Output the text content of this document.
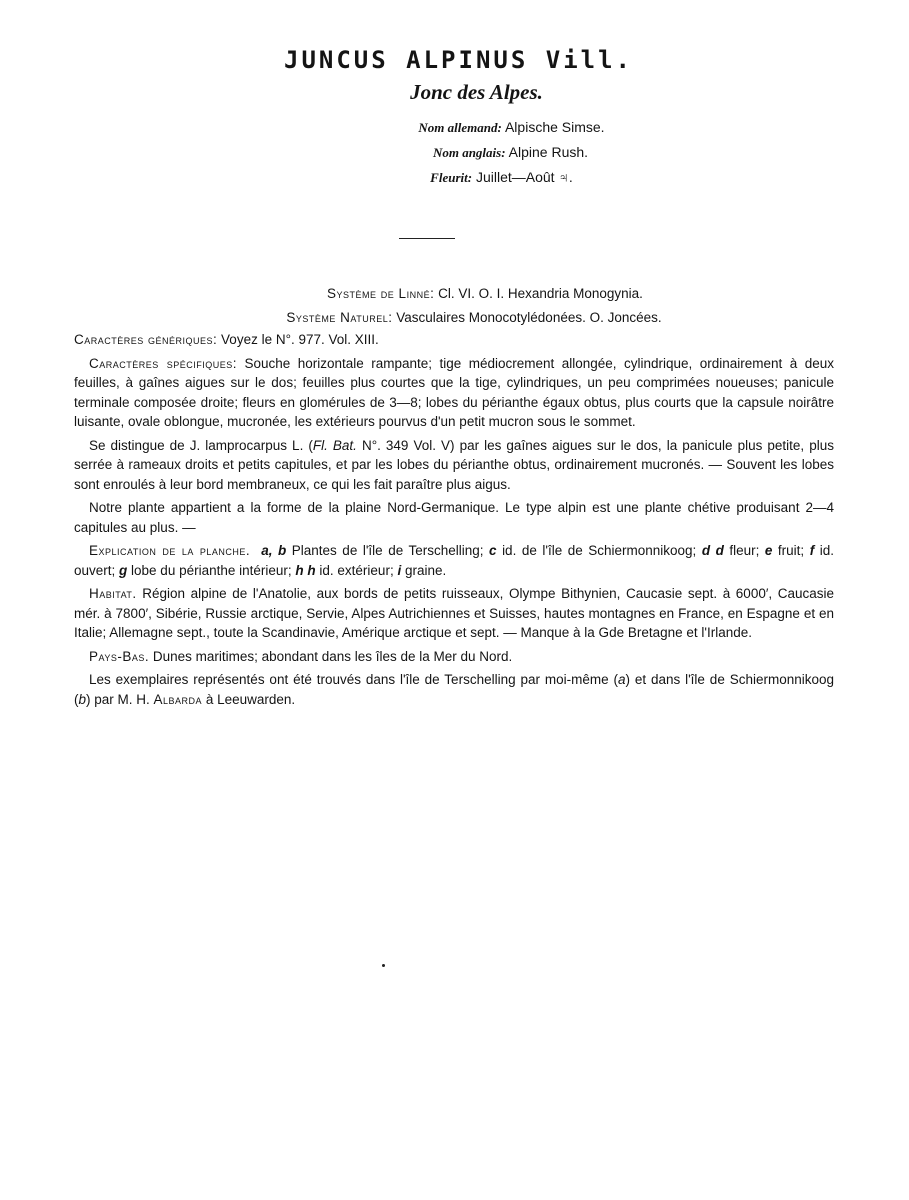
JUNCUS ALPINUS Vill.
Jonc des Alpes.
Nom allemand: Alpische Simse.
Nom anglais: Alpine Rush.
Fleurit: Juillet—Août ♃.

Système de Linné: Cl. VI. O. I. Hexandria Monogynia.

Système Naturel: Vasculaires Monocotylédonées. O. Joncées.

Caractères génériques: Voyez le N°. 977. Vol. XIII.

Caractères spécifiques: Souche horizontale rampante; tige médiocrement allongée, cylindrique, ordinairement à deux feuilles, à gaînes aigues sur le dos; feuilles plus courtes que la tige, cylindriques, un peu comprimées noueuses; panicule terminale composée droite; fleurs en glomérules de 3—8; lobes du périanthe égaux obtus, plus courts que la capsule noirâtre luisante, ovale oblongue, mucronée, les extérieurs pourvus d'un petit mucron sous le sommet.

Se distingue de J. lamprocarpus L. (Fl. Bat. N°. 349 Vol. V) par les gaînes aigues sur le dos, la panicule plus petite, plus serrée à rameaux droits et petits capitules, et par les lobes du périanthe obtus, ordinairement mucronés. — Souvent les lobes sont enroulés à leur bord membraneux, ce qui les fait paraître plus aigus.

Notre plante appartient a la forme de la plaine Nord-Germanique. Le type alpin est une plante chétive produisant 2—4 capitules au plus. —

Explication de la planche. a, b Plantes de l'île de Terschelling; c id. de l'île de Schiermonnikoog; d d fleur; e fruit; f id. ouvert; g lobe du périanthe intérieur; h h id. extérieur; i graine.

Habitat. Région alpine de l'Anatolie, aux bords de petits ruisseaux, Olympe Bithynien, Caucasie sept. à 6000′, Caucasie mér. à 7800′, Sibérie, Russie arctique, Servie, Alpes Autrichiennes et Suisses, hautes montagnes en France, en Espagne et en Italie; Allemagne sept., toute la Scandinavie, Amérique arctique et sept. — Manque à la Gde Bretagne et l'Irlande.

Pays-Bas. Dunes maritimes; abondant dans les îles de la Mer du Nord.

Les exemplaires représentés ont été trouvés dans l'île de Terschelling par moi-même (a) et dans l'île de Schiermonnikoog (b) par M. H. Albarda à Leeuwarden.
